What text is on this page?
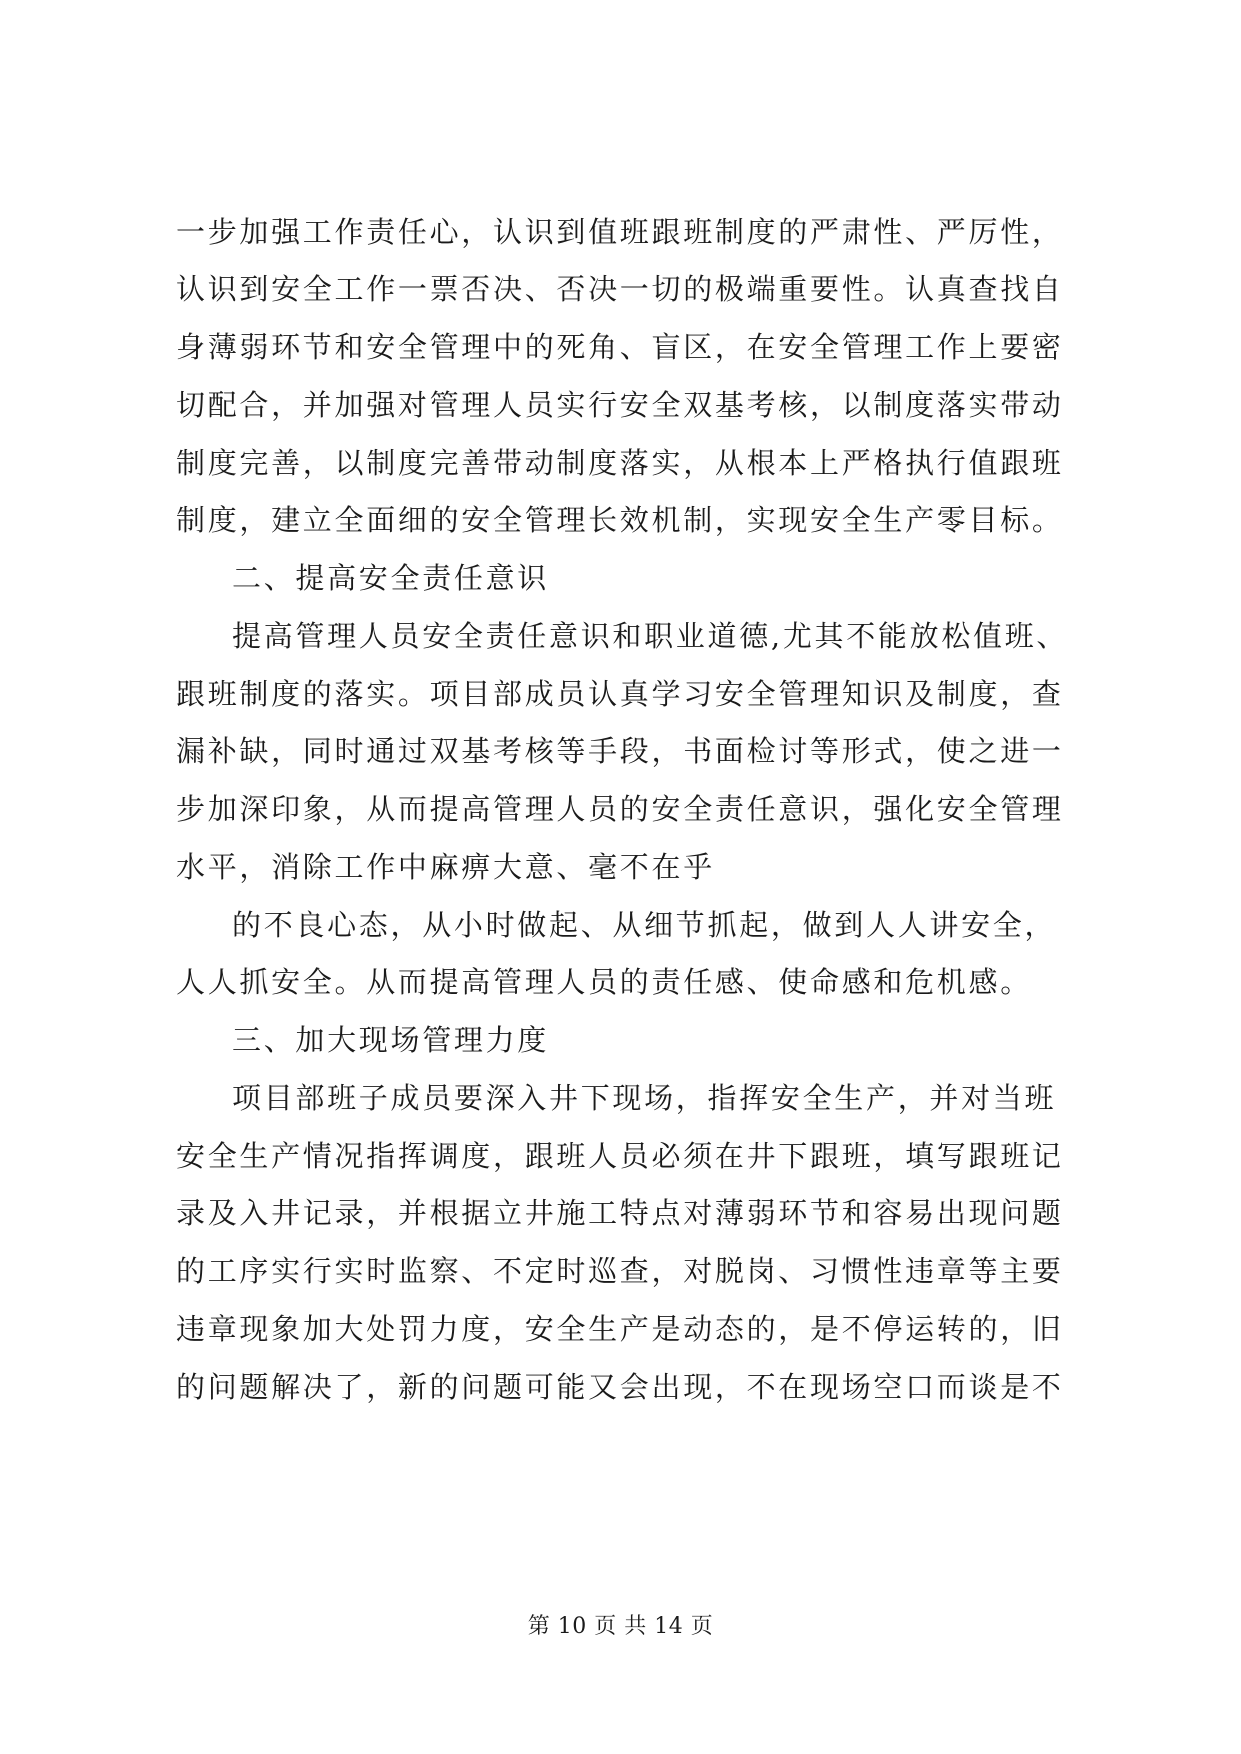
一步加强工作责任心，认识到值班跟班制度的严肃性、严厉性，
认识到安全工作一票否决、否决一切的极端重要性。认真查找自
身薄弱环节和安全管理中的死角、盲区，在安全管理工作上要密
切配合，并加强对管理人员实行安全双基考核，以制度落实带动
制度完善，以制度完善带动制度落实，从根本上严格执行值跟班
制度，建立全面细的安全管理长效机制，实现安全生产零目标。
二、提高安全责任意识
提高管理人员安全责任意识和职业道德,尤其不能放松值班、
跟班制度的落实。项目部成员认真学习安全管理知识及制度，查
漏补缺，同时通过双基考核等手段，书面检讨等形式，使之进一
步加深印象，从而提高管理人员的安全责任意识，强化安全管理
水平，消除工作中麻痹大意、毫不在乎
的不良心态，从小时做起、从细节抓起，做到人人讲安全，
人人抓安全。从而提高管理人员的责任感、使命感和危机感。
三、加大现场管理力度
项目部班子成员要深入井下现场，指挥安全生产，并对当班
安全生产情况指挥调度，跟班人员必须在井下跟班，填写跟班记
录及入井记录，并根据立井施工特点对薄弱环节和容易出现问题
的工序实行实时监察、不定时巡查，对脱岗、习惯性违章等主要
违章现象加大处罚力度，安全生产是动态的，是不停运转的，旧
的问题解决了，新的问题可能又会出现，不在现场空口而谈是不
第 10 页 共 14 页
